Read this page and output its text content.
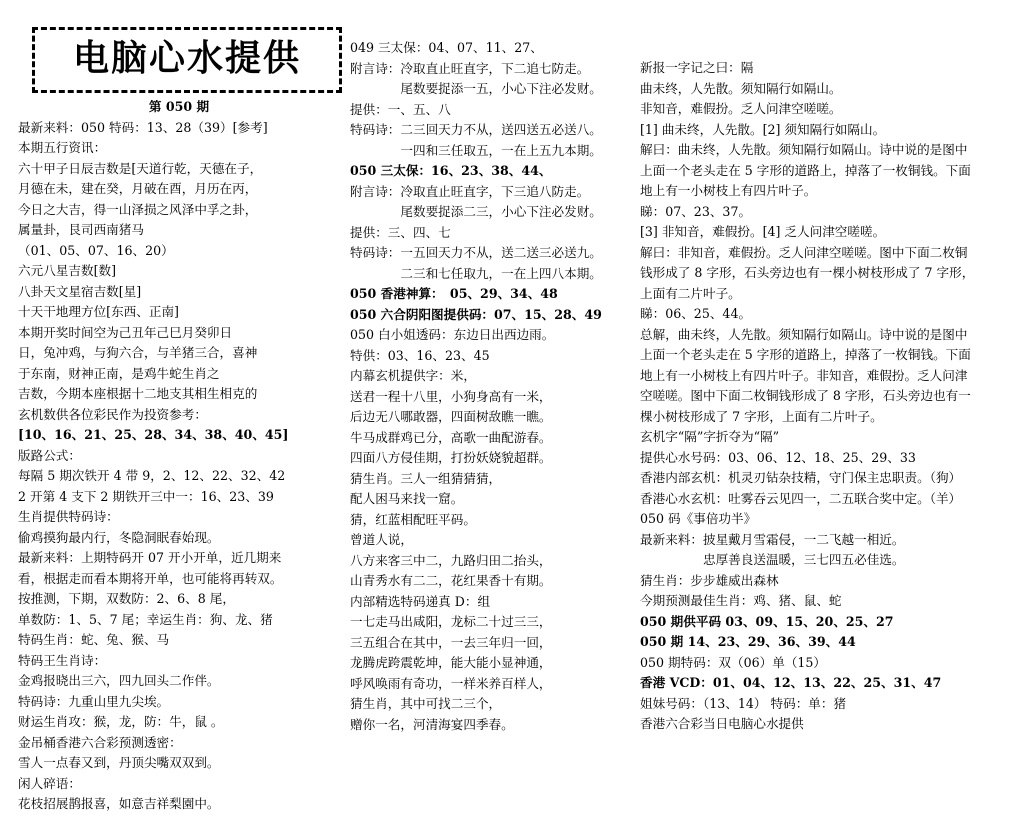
电脑心水提供
第 050 期
最新来料：050 特码：13、28（39）[参考]
本期五行资讯：
六十甲子日辰吉数是[天道行乾，天德在子，
月德在未，建在癸，月破在酉，月历在丙，
今日之大吉，得一山泽损之风泽中孚之卦，
属量卦，艮司西南猪马
（01、05、07、16、20）
六元八星吉数[数]
八卦天文星宿吉数[星]
十天干地理方位[东西、正南]
本期开奖时间空为己丑年己巳月癸卯日
日，兔冲鸡，与狗六合，与羊猪三合，喜神
于东南，财神正南，是鸡牛蛇生肖之
吉数，今期本座根据十二地支其相生相克的
玄机数供各位彩民作为投资参考：
[10、16、21、25、28、34、38、40、45]
版路公式：
每隔 5 期次铁开 4 带 9，2、12、22、32、42
2 开第 4 支下 2 期铁开三中一：16、23、39
生肖提供特码诗：
偷鸡摸狗最内行，冬隐洞眠春始现。
最新来料：上期特码开 07 开小开单，近几期来
看，根据走而看本期将开单，也可能将再转双。
按推测，下期，双数防：2、6、8 尾，
单数防：1、5、7 尾；幸运生肖：狗、龙、猪
特码生肖：蛇、兔、猴、马
特码王生肖诗：
金鸡报晓出三六，四九回头二作伴。
特码诗：九重山里九尖埃。
财运生肖攻：猴，龙，防：牛，鼠 。
金吊桶香港六合彩预测透密：
雪人一点春又到，丹顶尖嘴双双到。
闲人碎语：
花枝招展鹊报喜，如意吉祥梨園中。
049 三太保：04、07、11、27、
附言诗：冷取直止旺直字，下二追七防走。
　　　　尾数要捉添一五，小心下注必发财。
提供：一、五、八
特码诗：二三回天力不从，送四送五必送八。
　　　　一四和三任取五，一在上五九本期。
050 三太保：16、23、38、44、
附言诗：冷取直止旺直字，下三追八防走。
　　　　尾数要捉添二三，小心下注必发财。
提供：三、四、七
特码诗：一五回天力不从，送二送三必送九。
　　　　二三和七任取九，一在上四八本期。
050 香港神算：　05、29、34、48
050 六合阴阳图提供码：07、15、28、49
050 白小姐透码：东边日出西边雨。
特供：03、16、23、45
内幕玄机提供字：米，
送君一程十八里，小狗身高有一米，
后边无八哪敢器，四面树敌瞧一瞧。
牛马成群鸡已分，高歌一曲配游春。
四面八方侵佳期，打扮妖娆貌超群。
猜生肖。三人一组猜猜猜，
配人困马来找一窟。
猜，红蓝相配旺平码。
曾道人说，
八方来客三中二，九路归田二抬头，
山青秀水有二二，花红果香十有期。
内部精选特码递真 D：组
一七走马出咸阳，龙标二十过三三，
三五组合在其中，一去三年归一回，
龙腾虎跨震乾坤，能大能小显神通，
呼风唤雨有奇功，一样米养百样人，
猜生肖，其中可找二三个，
赠你一名，河清海宴四季春。
新报一字记之曰：隔
曲未终，人先散。须知隔行如隔山。
非知音，难假扮。乏人问津空嗟嗟。
[1] 曲未终，人先散。[2] 须知隔行如隔山。
解曰：曲未终，人先散。须知隔行如隔山。诗中说的是图中
上面一个老头走在 5 字形的道路上，掉落了一枚铜钱。下面
地上有一小树枝上有四片叶子。
睇：07、23、37。
[3] 非知音，难假扮。[4] 乏人问津空嗟嗟。
解曰：非知音，难假扮。乏人问津空嗟嗟。图中下面二枚铜
钱形成了 8 字形，石头旁边也有一棵小树枝形成了 7 字形，
上面有二片叶子。
睇：06、25、44。
总解，曲未终，人先散。须知隔行如隔山。诗中说的是图中
上面一个老头走在 5 字形的道路上，掉落了一枚铜钱。下面
地上有一小树枝上有四片叶子。非知音，难假扮。乏人问津
空嗟嗟。图中下面二枚铜钱形成了 8 字形，石头旁边也有一
棵小树枝形成了 7 字形，上面有二片叶子。
玄机字“隔”字折夺为“隔”
提供心水号码：03、06、12、18、25、29、33
香港内部玄机：机灵刃钻杂技精，守门保主忠职责。（狗）
香港心水玄机：吐雾吞云见四一，二五联合奖中定。（羊）
050 码《事倍功半》
最新来料：披星戴月雪霜侵，一二飞越一相近。
　　　　　忠厚善良送温暖，三七四五必佳选。
猜生肖：步步雄威出森林
今期预测最佳生肖：鸡、猪、鼠、蛇
050 期供平码 03、09、15、20、25、27
050 期 14、23、29、36、39、44
050 期特码：双（06）单（15）
香港 VCD：01、04、12、13、22、25、31、47
姐妹号码：（13、14） 特码：单：猪
香港六合彩当日电脑心水提供
